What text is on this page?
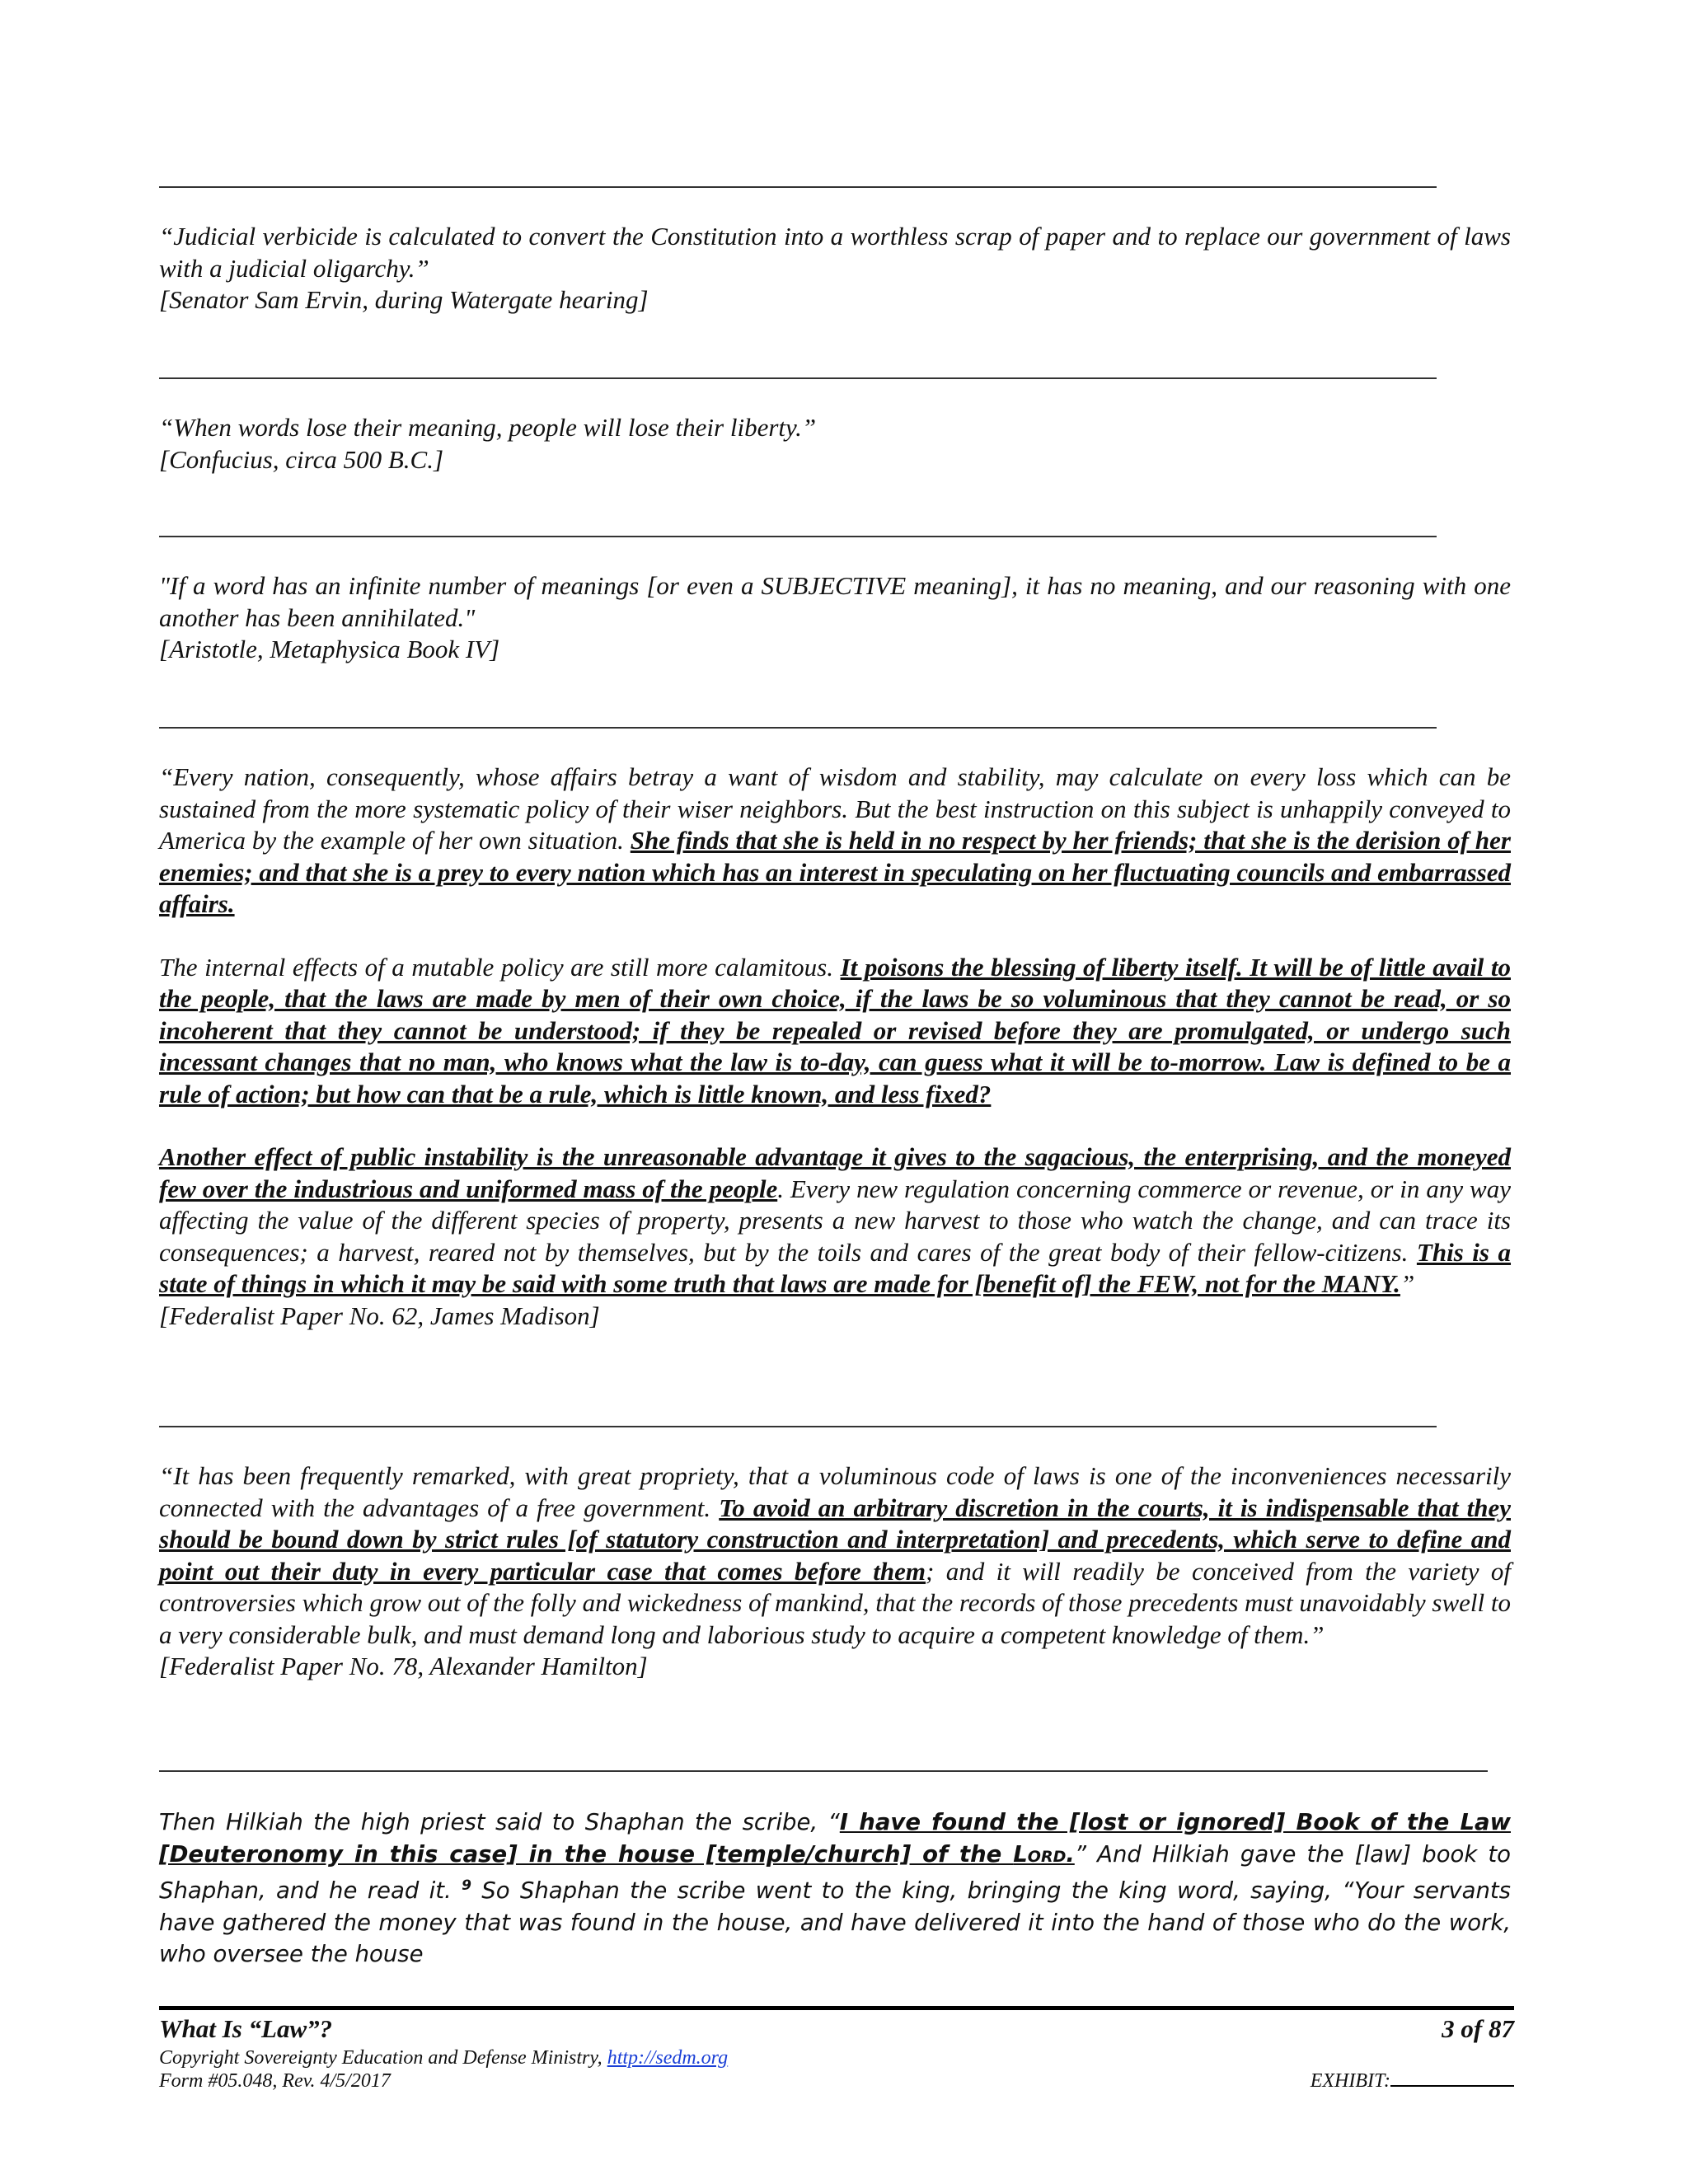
“Judicial verbicide is calculated to convert the Constitution into a worthless scrap of paper and to replace our government of laws with a judicial oligarchy.”

[Senator Sam Ervin, during Watergate hearing]

“When words lose their meaning, people will lose their liberty.”

[Confucius, circa 500 B.C.]

"If a word has an infinite number of meanings [or even a SUBJECTIVE meaning], it has no meaning, and our reasoning with one another has been annihilated."

[Aristotle, Metaphysica Book IV]

“Every nation, consequently, whose affairs betray a want of wisdom and stability, may calculate on every loss which can be sustained from the more systematic policy of their wiser neighbors. But the best instruction on this subject is unhappily conveyed to America by the example of her own situation. She finds that she is held in no respect by her friends; that she is the derision of her enemies; and that she is a prey to every nation which has an interest in speculating on her fluctuating councils and embarrassed affairs.

The internal effects of a mutable policy are still more calamitous. It poisons the blessing of liberty itself. It will be of little avail to the people, that the laws are made by men of their own choice, if the laws be so voluminous that they cannot be read, or so incoherent that they cannot be understood; if they be repealed or revised before they are promulgated, or undergo such incessant changes that no man, who knows what the law is to-day, can guess what it will be to-morrow. Law is defined to be a rule of action; but how can that be a rule, which is little known, and less fixed?

Another effect of public instability is the unreasonable advantage it gives to the sagacious, the enterprising, and the moneyed few over the industrious and uniformed mass of the people. Every new regulation concerning commerce or revenue, or in any way affecting the value of the different species of property, presents a new harvest to those who watch the change, and can trace its consequences; a harvest, reared not by themselves, but by the toils and cares of the great body of their fellow-citizens. This is a state of things in which it may be said with some truth that laws are made for [benefit of] the FEW, not for the MANY.”

[Federalist Paper No. 62, James Madison]

“It has been frequently remarked, with great propriety, that a voluminous code of laws is one of the inconveniences necessarily connected with the advantages of a free government. To avoid an arbitrary discretion in the courts, it is indispensable that they should be bound down by strict rules [of statutory construction and interpretation] and precedents, which serve to define and point out their duty in every particular case that comes before them; and it will readily be conceived from the variety of controversies which grow out of the folly and wickedness of mankind, that the records of those precedents must unavoidably swell to a very considerable bulk, and must demand long and laborious study to acquire a competent knowledge of them.”

[Federalist Paper No. 78, Alexander Hamilton]

Then Hilkiah the high priest said to Shaphan the scribe, “I have found the [lost or ignored] Book of the Law [Deuteronomy in this case] in the house [temple/church] of the Lord.” And Hilkiah gave the [law] book to Shaphan, and he read it. $^9$ So Shaphan the scribe went to the king, bringing the king word, saying, “Your servants have gathered the money that was found in the house, and have delivered it into the hand of those who do the work, who oversee the house

What Is “Law”?	3 of 87
Copyright Sovereignty Education and Defense Ministry, http://sedm.org
Form #05.048, Rev. 4/5/2017	EXHIBIT:
